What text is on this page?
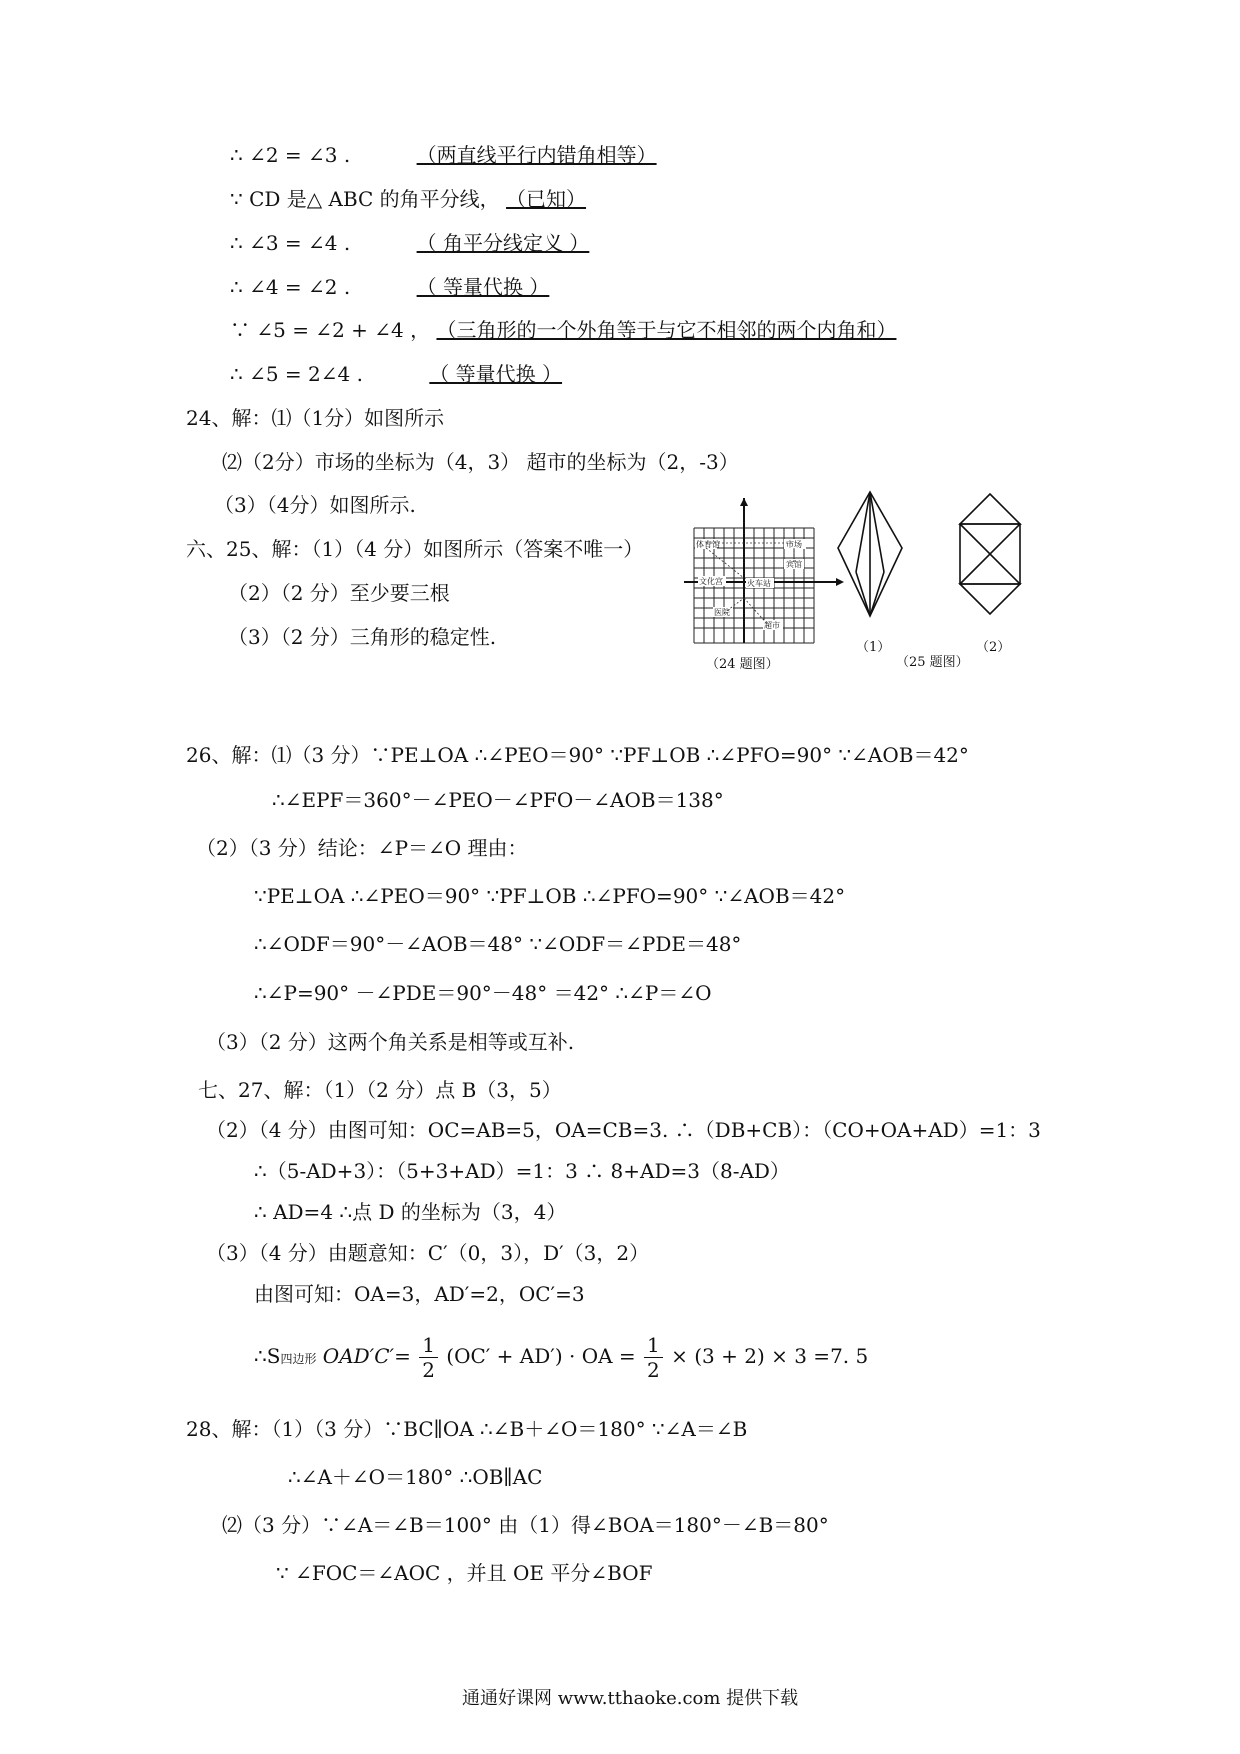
∴ ∠2 = ∠3 .	（两直线平行内错角相等）
∵ CD 是△ ABC 的角平分线， （已知）
∴ ∠3 = ∠4 .	（ 角平分线定义 ）
∴ ∠4 = ∠2 .	（ 等量代换 ）
∵ ∠5 = ∠2 + ∠4 ， （三角形的一个外角等于与它不相邻的两个内角和）
∴ ∠5 = 2∠4 .	（ 等量代换 ）
24、解：⑴（1分）如图所示
⑵（2分）市场的坐标为（4，3） 超市的坐标为（2，-3）
（3）（4分）如图所示.
六、25、解：（1）（4 分）如图所示（答案不唯一）
（2）（2 分）至少要三根
（3）（2 分）三角形的稳定性.
体育馆	市场
宾馆
文化宫	火车站
医院
超市
（24 题图）
（1）
（25 题图）
（2）
26、解：⑴（3 分）∵PE⊥OA ∴∠PEO＝90° ∵PF⊥OB ∴∠PFO=90° ∵∠AOB＝42°
∴∠EPF＝360°－∠PEO－∠PFO－∠AOB＝138°
（2）（3 分）结论：∠P＝∠O 理由：
∵PE⊥OA ∴∠PEO＝90° ∵PF⊥OB ∴∠PFO=90° ∵∠AOB＝42°
∴∠ODF＝90°－∠AOB＝48° ∵∠ODF＝∠PDE＝48°
∴∠P=90° －∠PDE＝90°－48° ＝42° ∴∠P＝∠O
（3）（2 分）这两个角关系是相等或互补.
七、27、解：（1）（2 分）点 B（3，5）
（2）（4 分）由图可知：OC=AB=5，OA=CB=3. ∴（DB+CB）：（CO+OA+AD）=1：3
∴（5-AD+3）：（5+3+AD）=1：3 ∴ 8+AD=3（8-AD）
∴ AD=4 ∴点 D 的坐标为（3，4）
（3）（4 分）由题意知：C′（0，3），D′（3，2）
由图可知：OA=3，AD′=2，OC′=3
∴S四边形 $OAD'C'= \frac{1}{2} (OC' + AD')$ · OA = $\frac{1}{2} \times (3 + 2) \times 3 =7$. 5
28、解：（1）（3 分）∵BC∥OA ∴∠B＋∠O＝180° ∵∠A＝∠B
∴∠A＋∠O＝180° ∴OB∥AC
⑵（3 分）∵∠A＝∠B＝100° 由（1）得∠BOA＝180°－∠B＝80°
∵ ∠FOC＝∠AOC ，并且 OE 平分∠BOF
通通好课网 www.tthaoke.com 提供下载
